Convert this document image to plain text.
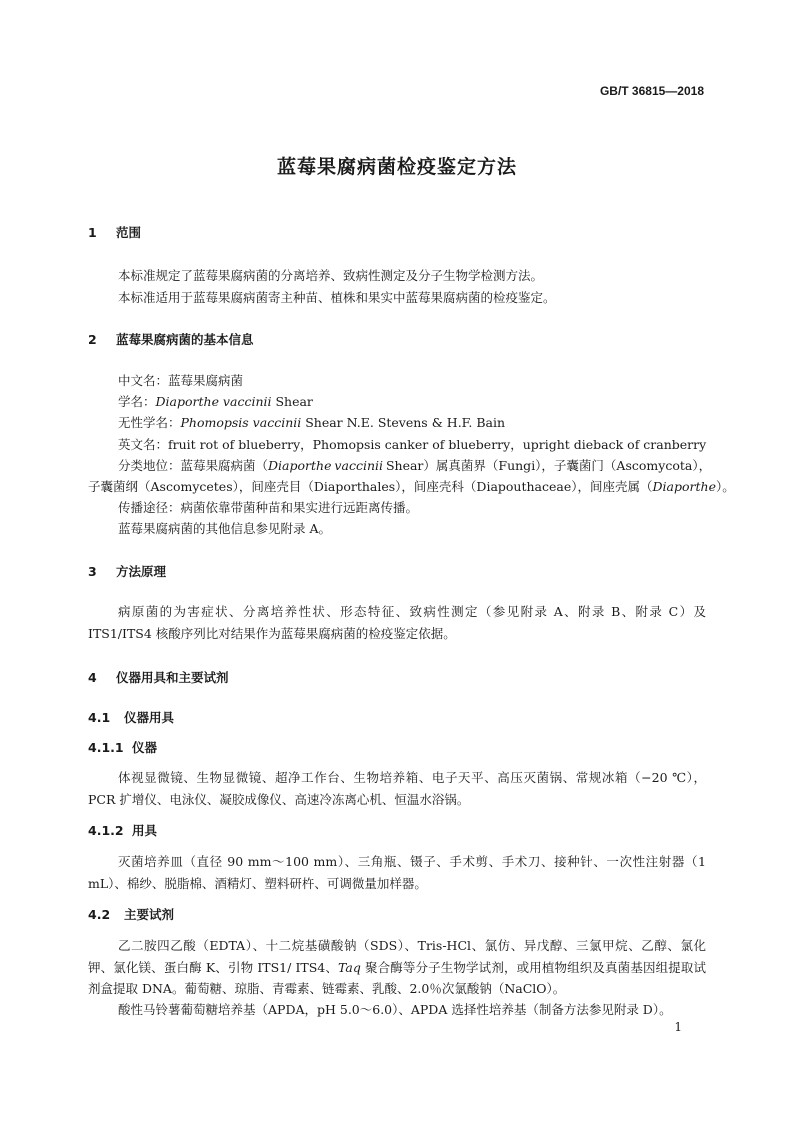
GB/T 36815—2018
蓝莓果腐病菌检疫鉴定方法
1 范围
本标准规定了蓝莓果腐病菌的分离培养、致病性测定及分子生物学检测方法。
本标准适用于蓝莓果腐病菌寄主种苗、植株和果实中蓝莓果腐病菌的检疫鉴定。
2 蓝莓果腐病菌的基本信息
中文名：蓝莓果腐病菌
学名：Diaporthe vaccinii Shear
无性学名：Phomopsis vaccinii Shear N.E. Stevens & H.F. Bain
英文名：fruit rot of blueberry，Phomopsis canker of blueberry，upright dieback of cranberry
分类地位：蓝莓果腐病菌（Diaporthe vaccinii Shear）属真菌界（Fungi），子囊菌门（Ascomycota），
子囊菌纲（Ascomycetes），间座壳目（Diaporthales），间座壳科（Diapouthaceae），间座壳属（Diaporthe）。
传播途径：病菌依靠带菌种苗和果实进行远距离传播。
蓝莓果腐病菌的其他信息参见附录 A。
3 方法原理
病原菌的为害症状、分离培养性状、形态特征、致病性测定（参见附录 A、附录 B、附录 C）及 ITS1/ITS4 核酸序列比对结果作为蓝莓果腐病菌的检疫鉴定依据。
4 仪器用具和主要试剂
4.1 仪器用具
4.1.1 仪器
体视显微镜、生物显微镜、超净工作台、生物培养箱、电子天平、高压灭菌锅、常规冰箱（−20 ℃），PCR 扩增仪、电泳仪、凝胶成像仪、高速冷冻离心机、恒温水浴锅。
4.1.2 用具
灭菌培养皿（直径 90 mm～100 mm）、三角瓶、镊子、手术剪、手术刀、接种针、一次性注射器（1 mL）、棉纱、脱脂棉、酒精灯、塑料研杵、可调微量加样器。
4.2 主要试剂
乙二胺四乙酸（EDTA）、十二烷基磺酸钠（SDS）、Tris-HCl、氯仿、异戊醇、三氯甲烷、乙醇、氯化钾、氯化镁、蛋白酶 K、引物 ITS1/ ITS4、Taq 聚合酶等分子生物学试剂，或用植物组织及真菌基因组提取试剂盒提取 DNA。葡萄糖、琼脂、青霉素、链霉素、乳酸、2.0％次氯酸钠（NaClO）。
酸性马铃薯葡萄糖培养基（APDA，pH 5.0～6.0）、APDA 选择性培养基（制备方法参见附录 D）。
1
